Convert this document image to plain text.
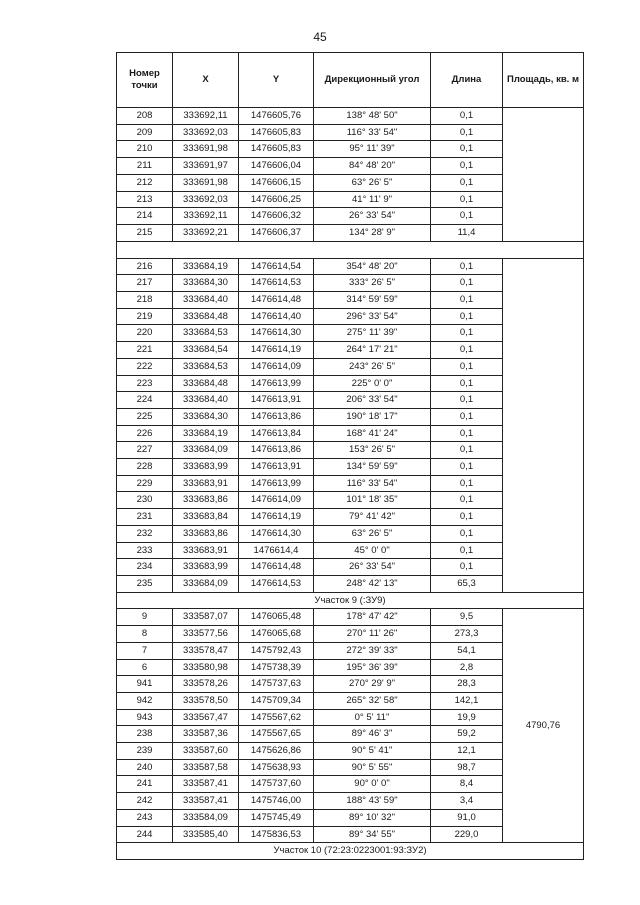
45
Номер точки	X	Y	Дирекционный угол	Длина	Площадь, кв. м
208	333692,11	1476605,76	138° 48' 50"	0,1	
209	333692,03	1476605,83	116° 33' 54"	0,1	
210	333691,98	1476605,83	95° 11' 39"	0,1	
211	333691,97	1476606,04	84° 48' 20"	0,1	
212	333691,98	1476606,15	63° 26' 5"	0,1	
213	333692,03	1476606,25	41° 11' 9"	0,1	
214	333692,11	1476606,32	26° 33' 54"	0,1	
215	333692,21	1476606,37	134° 28' 9"	11,4	

216	333684,19	1476614,54	354° 48' 20"	0,1	
217	333684,30	1476614,53	333° 26' 5"	0,1	
218	333684,40	1476614,48	314° 59' 59"	0,1	
219	333684,48	1476614,40	296° 33' 54"	0,1	
220	333684,53	1476614,30	275° 11' 39"	0,1	
221	333684,54	1476614,19	264° 17' 21"	0,1	
222	333684,53	1476614,09	243° 26' 5"	0,1	
223	333684,48	1476613,99	225° 0' 0"	0,1	
224	333684,40	1476613,91	206° 33' 54"	0,1	
225	333684,30	1476613,86	190° 18' 17"	0,1	
226	333684,19	1476613,84	168° 41' 24"	0,1	
227	333684,09	1476613,86	153° 26' 5"	0,1	
228	333683,99	1476613,91	134° 59' 59"	0,1	
229	333683,91	1476613,99	116° 33' 54"	0,1	
230	333683,86	1476614,09	101° 18' 35"	0,1	
231	333683,84	1476614,19	79° 41' 42"	0,1	
232	333683,86	1476614,30	63° 26' 5"	0,1	
233	333683,91	1476614,4	45° 0' 0"	0,1	
234	333683,99	1476614,48	26° 33' 54"	0,1	
235	333684,09	1476614,53	248° 42' 13"	65,3	
Участок 9 (:ЗУ9)					
9	333587,07	1476065,48	178° 47' 42"	9,5	4790,76
8	333577,56	1476065,68	270° 11' 26"	273,3	
7	333578,47	1475792,43	272° 39' 33"	54,1	
6	333580,98	1475738,39	195° 36' 39"	2,8	
941	333578,26	1475737,63	270° 29' 9"	28,3	
942	333578,50	1475709,34	265° 32' 58"	142,1	
943	333567,47	1475567,62	0° 5' 11"	19,9	
238	333587,36	1475567,65	89° 46' 3"	59,2	
239	333587,60	1475626,86	90° 5' 41"	12,1	
240	333587,58	1475638,93	90° 5' 55"	98,7	
241	333587,41	1475737,60	90° 0' 0"	8,4	
242	333587,41	1475746,00	188° 43' 59"	3,4	
243	333584,09	1475745,49	89° 10' 32"	91,0	
244	333585,40	1475836,53	89° 34' 55"	229,0	
Участок 10 (72:23:0223001:93:ЗУ2)					
